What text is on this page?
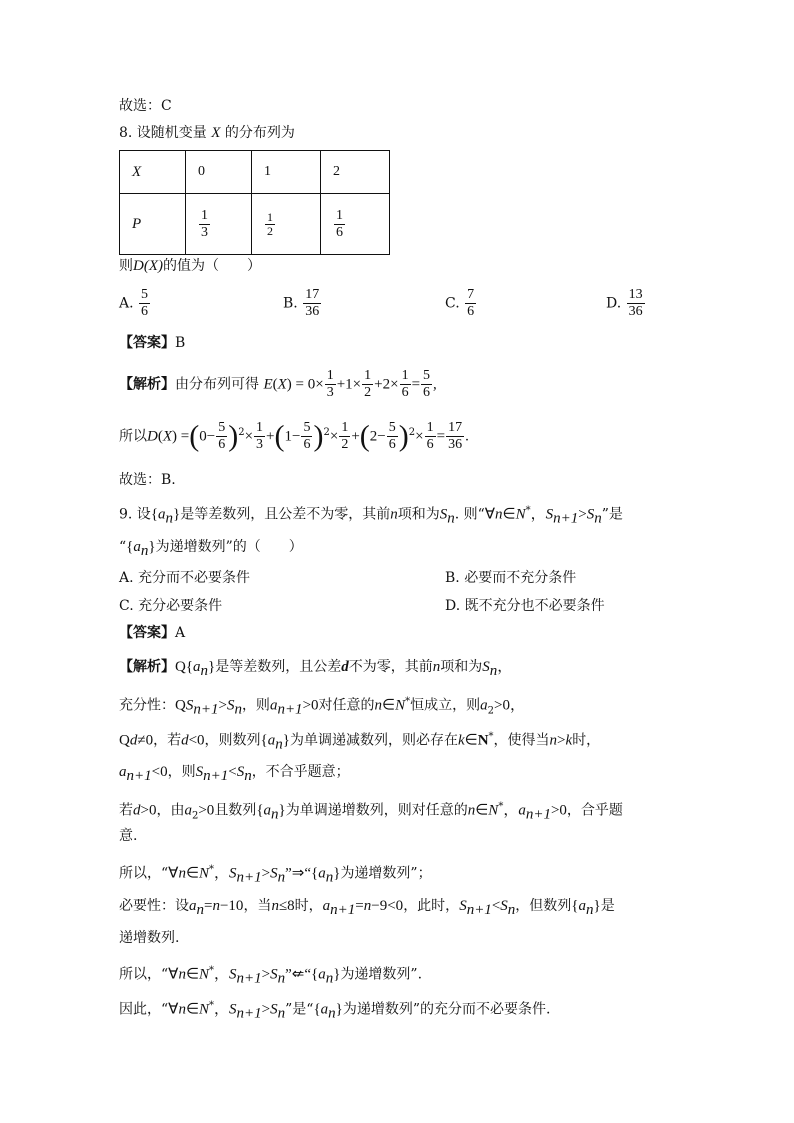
故选：C
8. 设随机变量 X 的分布列为
X	0	1	2
P	$\frac{1}{3}$	$\frac{1}{2}$	$\frac{1}{6}$
则D(X)的值为（　　）
A. $\frac{5}{6}$	B. $\frac{17}{36}$	C. $\frac{7}{6}$	D. $\frac{13}{36}$
【答案】B
【解析】由分布列可得 $E(X) = 0\times \frac{1}{3} +1\times \frac{1}{2} +2\times \frac{1}{6} = \frac{5}{6}$ ,
所以$D(X) =(0- \frac{5}{6} )^2\times \frac{1}{3} +(1- \frac{5}{6} )^2\times \frac{1}{2} +(2- \frac{5}{6} )^2\times \frac{1}{6} = \frac{17}{36}$ .
故选：B.
9. 设$\{a_n\}$是等差数列，且公差不为零，其前n项和为$S_n$. 则“∀n∈N*，$S_{n+1}>S_n$”是
“$\{a_n\}$为递增数列”的（　　）
A. 充分而不必要条件	B. 必要而不充分条件
C. 充分必要条件	D. 既不充分也不必要条件
【答案】A
【解析】$Q\{a_n\}$是等差数列，且公差d不为零，其前n项和为$S_n$，
充分性：$QS_{n+1}>S_n$，则$a_{n+1}>0$对任意的n∈N*恒成立，则$a_2>0$，
Qd≠0，若d<0，则数列$\{a_n\}$为单调递减数列，则必存在k∈N*，使得当n>k时，
$a_{n+1}<0$，则$S_{n+1}<S_n$，不合乎题意；
若d>0，由$a_2>0$且数列$\{a_n\}$为单调递增数列，则对任意的n∈N*，$a_{n+1}>0$，合乎题
意.
所以，“∀n∈N*，$S_{n+1}>S_n”\Rightarrow“\{a_n\}$为递增数列”；
必要性：设$a_n=n-10$，当n≤8时，$a_{n+1}=n-9<0$，此时，$S_{n+1}<S_n$，但数列$\{a_n\}$是
递增数列.
所以，“∀n∈N*，$S_{n+1}>S_n”⇍“\{a_n\}$为递增数列”.
因此，“∀n∈N*，$S_{n+1}>S_n$”是“$\{a_n\}$为递增数列”的充分而不必要条件.
